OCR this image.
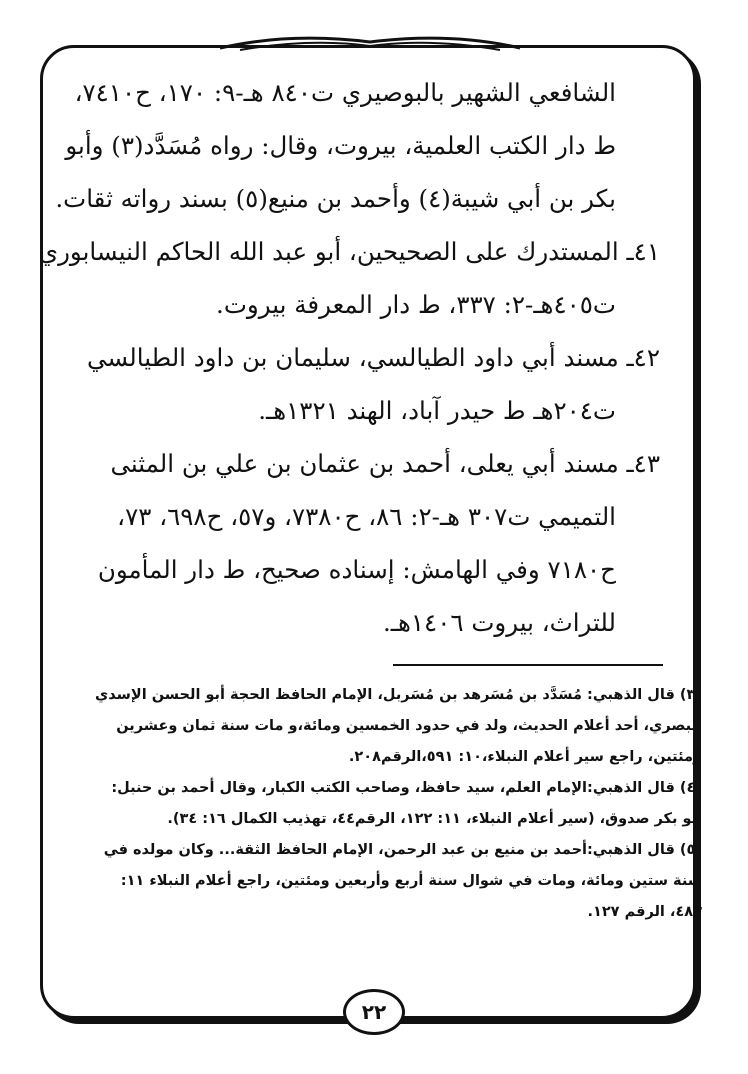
الشافعي الشهير بالبوصيري ت٨٤٠ هـ-٩: ١٧٠، ح٧٤١٠،
ط دار الكتب العلمية، بيروت، وقال: رواه مُسَدَّد(٣) وأبو
بكر بن أبي شيبة(٤) وأحمد بن منيع(٥) بسند رواته ثقات.
٤١ـ المستدرك على الصحيحين، أبو عبد الله الحاكم النيسابوري
ت٤٠٥هـ-٢: ٣٣٧، ط دار المعرفة بيروت.
٤٢ـ مسند أبي داود الطيالسي، سليمان بن داود الطيالسي
ت٢٠٤هـ ط حيدر آباد، الهند ١٣٢١هـ.
٤٣ـ مسند أبي يعلى، أحمد بن عثمان بن علي بن المثنى
التميمي ت٣٠٧ هـ-٢: ٨٦، ح٧٣٨٠، و٥٧، ح٦٩٨، ٧٣،
ح٧١٨٠ وفي الهامش: إسناده صحيح، ط دار المأمون
للتراث، بيروت ١٤٠٦هـ.
(٣) قال الذهبي: مُسَدَّد بن مُسَرهد بن مُسَربل، الإمام الحافظ الحجة أبو الحسن الإسدي
البصري، أحد أعلام الحديث، ولد في حدود الخمسين ومائة،و مات سنة ثمان وعشرين
ومئتين، راجع سير أعلام النبلاء،١٠: ٥٩١،الرقم٢٠٨.
(٤) قال الذهبي:الإمام العلم، سيد حافظ، وصاحب الكتب الكبار، وقال أحمد بن حنبل:
أبو بكر صدوق، (سير أعلام النبلاء، ١١: ١٢٢، الرقم٤٤، تهذيب الكمال ١٦: ٣٤).
(٥) قال الذهبي:أحمد بن منيع بن عبد الرحمن، الإمام الحافظ الثقة... وكان مولده في
سنة ستين ومائة، ومات في شوال سنة أربع وأربعين ومئتين، راجع أعلام النبلاء ١١:
٤٨٣، الرقم ١٢٧.
٢٢
